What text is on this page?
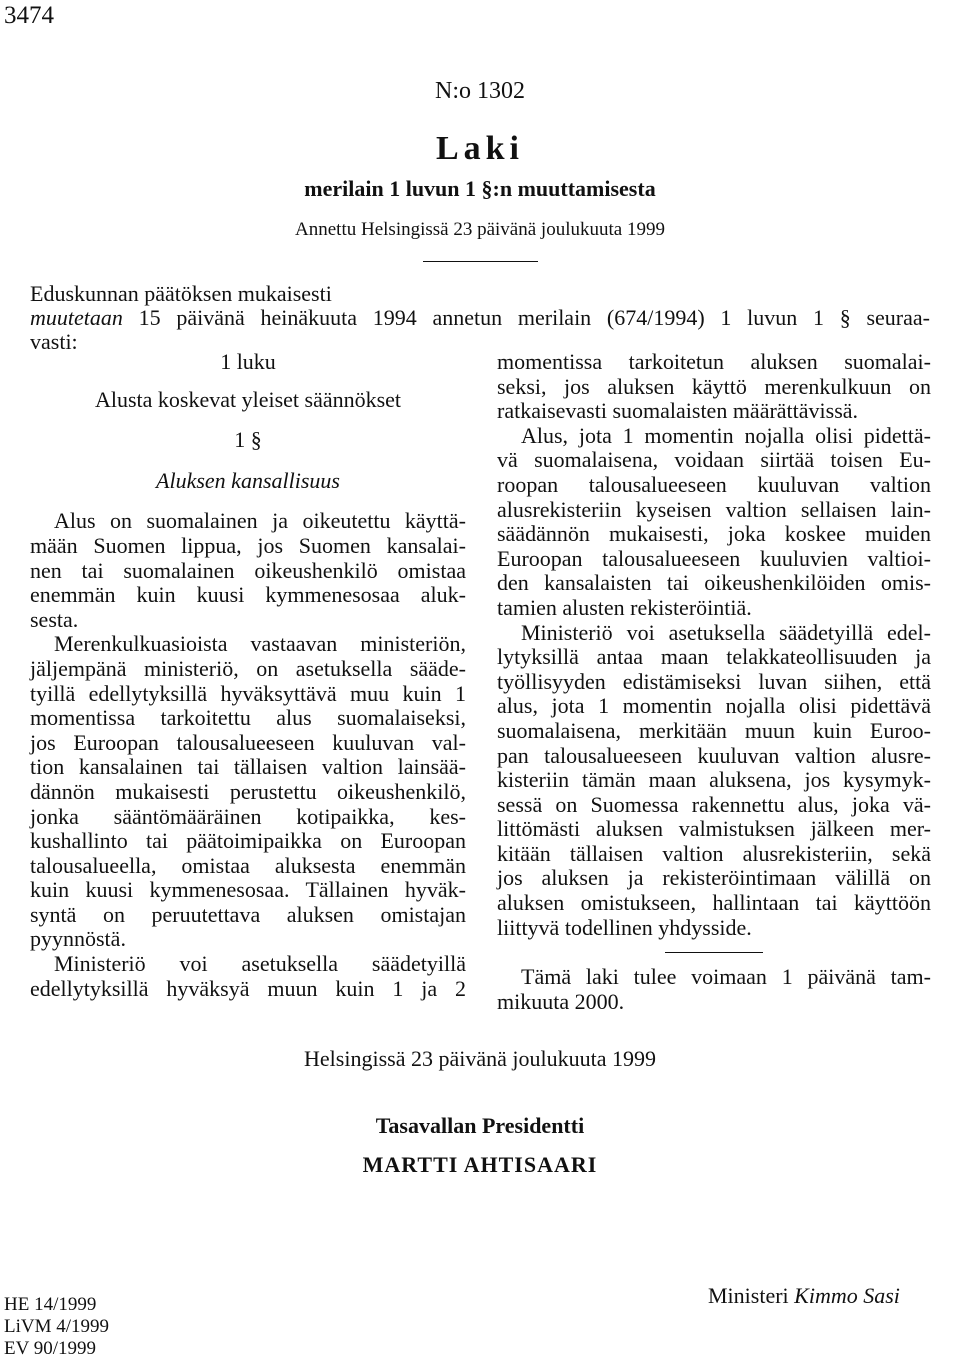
3474
N:o 1302
Laki
merilain 1 luvun 1 §:n muuttamisesta
Annettu Helsingissä 23 päivänä joulukuuta 1999
Eduskunnan päätöksen mukaisesti
muutetaan 15 päivänä heinäkuuta 1994 annetun merilain (674/1994) 1 luvun 1 § seuraa-
vasti:

1 luku

Alusta koskevat yleiset säännökset

1 §

Aluksen kansallisuus

Alus on suomalainen ja oikeutettu käyttä-
mään Suomen lippua, jos Suomen kansalai-
nen tai suomalainen oikeushenkilö omistaa
enemmän kuin kuusi kymmenesosaa aluk-
sesta.
Merenkulkuasioista vastaavan ministeriön,
jäljempänä ministeriö, on asetuksella sääde-
tyillä edellytyksillä hyväksyttävä muu kuin 1
momentissa tarkoitettu alus suomalaiseksi,
jos Euroopan talousalueeseen kuuluvan val-
tion kansalainen tai tällaisen valtion lainsää-
dännön mukaisesti perustettu oikeushenkilö,
jonka sääntömääräinen kotipaikka, kes-
kushallinto tai päätoimipaikka on Euroopan
talousalueella, omistaa aluksesta enemmän
kuin kuusi kymmenesosaa. Tällainen hyväk-
syntä on peruutettava aluksen omistajan
pyynnöstä.
Ministeriö voi asetuksella säädetyillä
edellytyksillä hyväksyä muun kuin 1 ja 2
momentissa tarkoitetun aluksen suomalai-
seksi, jos aluksen käyttö merenkulkuun on
ratkaisevasti suomalaisten määrättävissä.
Alus, jota 1 momentin nojalla olisi pidettä-
vä suomalaisena, voidaan siirtää toisen Eu-
roopan talousalueeseen kuuluvan valtion
alusrekisteriin kyseisen valtion sellaisen lain-
säädännön mukaisesti, joka koskee muiden
Euroopan talousalueeseen kuuluvien valtioi-
den kansalaisten tai oikeushenkilöiden omis-
tamien alusten rekisteröintiä.
Ministeriö voi asetuksella säädetyillä edel-
lytyksillä antaa maan telakkateollisuuden ja
työllisyyden edistämiseksi luvan siihen, että
alus, jota 1 momentin nojalla olisi pidettävä
suomalaisena, merkitään muun kuin Euroo-
pan talousalueeseen kuuluvan valtion alusre-
kisteriin tämän maan aluksena, jos kysymyk-
sessä on Suomessa rakennettu alus, joka vä-
littömästi aluksen valmistuksen jälkeen mer-
kitään tällaisen valtion alusrekisteriin, sekä
jos aluksen ja rekisteröintimaan välillä on
aluksen omistukseen, hallintaan tai käyttöön
liittyvä todellinen yhdysside.
Tämä laki tulee voimaan 1 päivänä tam-
mikuuta 2000.
Helsingissä 23 päivänä joulukuuta 1999
Tasavallan Presidentti
MARTTI AHTISAARI
HE 14/1999
LiVM 4/1999
EV 90/1999
Ministeri Kimmo Sasi
